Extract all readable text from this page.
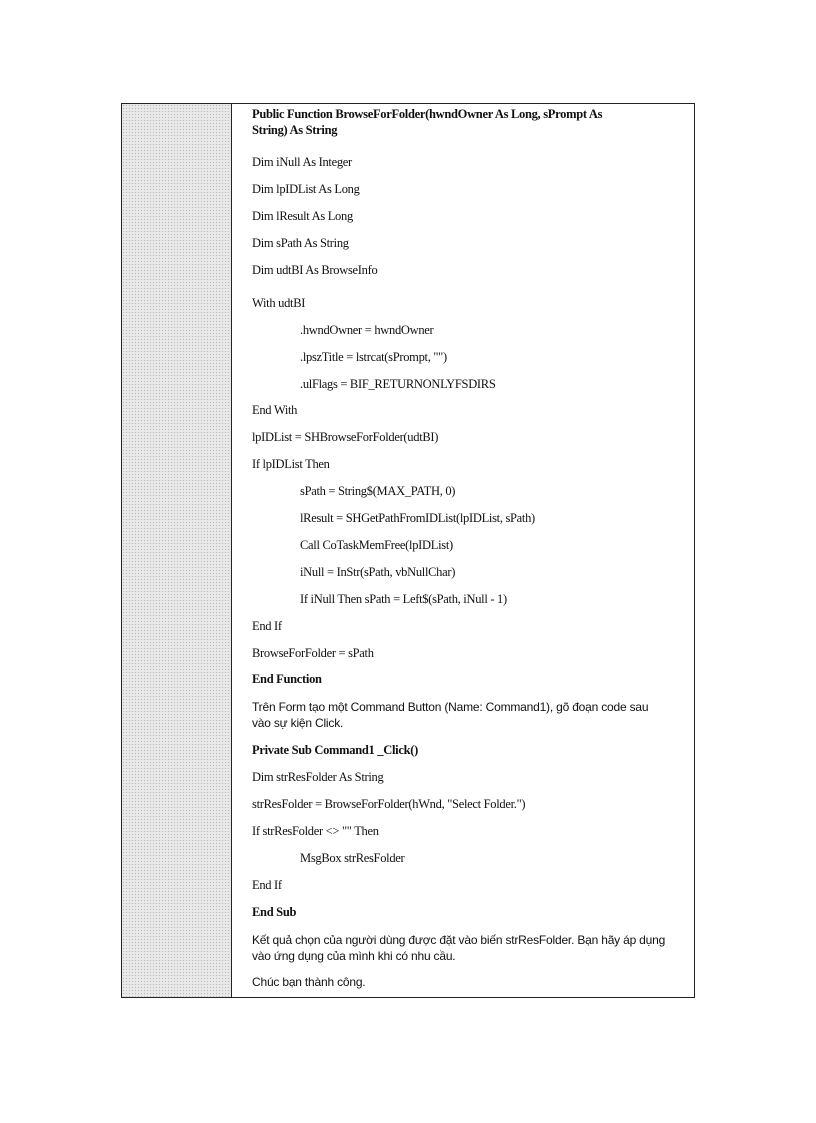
Public Function BrowseForFolder(hwndOwner As Long, sPrompt As
String) As String
Dim iNull As Integer
Dim lpIDList As Long
Dim lResult As Long
Dim sPath As String
Dim udtBI As BrowseInfo
With udtBI
.hwndOwner = hwndOwner
.lpszTitle = lstrcat(sPrompt, "")
.ulFlags = BIF_RETURNONLYFSDIRS
End With
lpIDList = SHBrowseForFolder(udtBI)
If lpIDList Then
sPath = String$(MAX_PATH, 0)
lResult = SHGetPathFromIDList(lpIDList, sPath)
Call CoTaskMemFree(lpIDList)
iNull = InStr(sPath, vbNullChar)
If iNull Then sPath = Left$(sPath, iNull - 1)
End If
BrowseForFolder = sPath
End Function
Trên Form tạo một Command Button (Name: Command1), gõ đoạn code sau
vào sự kiện Click.
Private Sub Command1 _Click()
Dim strResFolder As String
strResFolder = BrowseForFolder(hWnd, "Select Folder.")
If strResFolder <> "" Then
MsgBox strResFolder
End If
End Sub
Kết quả chọn của người dùng được đặt vào biến strResFolder. Bạn hãy áp dụng
vào ứng dụng của mình khi có nhu cầu.
Chúc bạn thành công.
